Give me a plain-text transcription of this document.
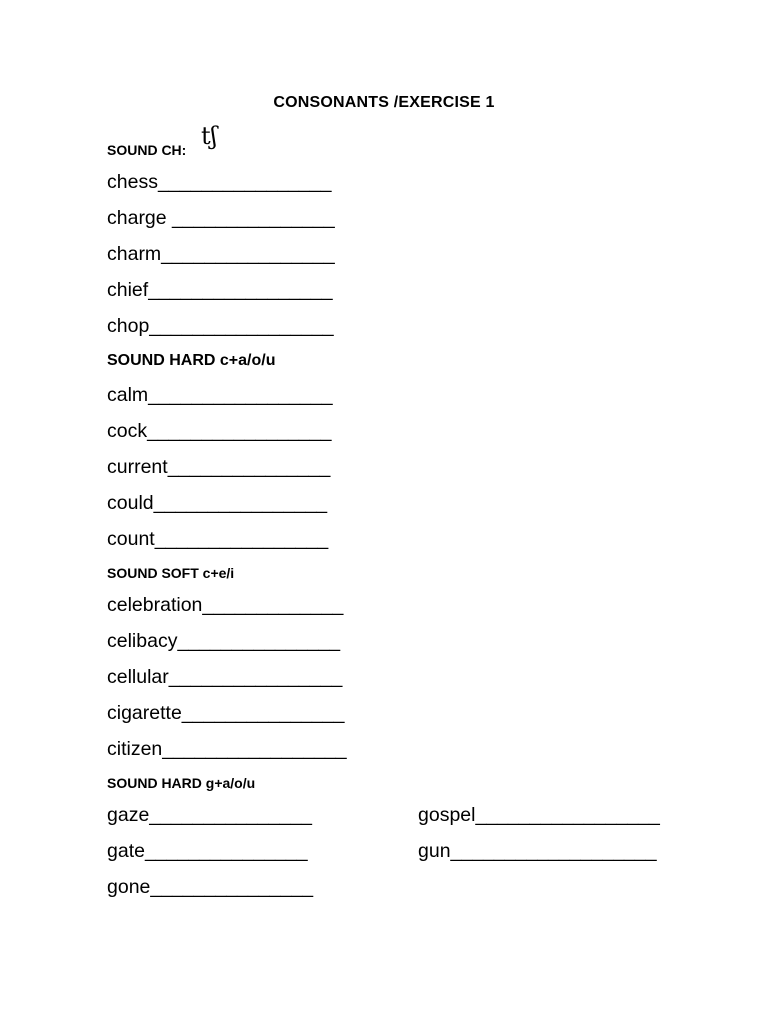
CONSONANTS /EXERCISE 1
SOUND CH: tʃ
chess________________
charge _______________
charm________________
chief_________________
chop_________________
SOUND HARD c+a/o/u
calm_________________
cock_________________
current_______________
could________________
count________________
SOUND SOFT c+e/i
celebration_____________
celibacy_______________
cellular________________
cigarette_______________
citizen_________________
SOUND HARD g+a/o/u
gaze_______________
gate_______________
gone_______________
gospel_________________
gun___________________
